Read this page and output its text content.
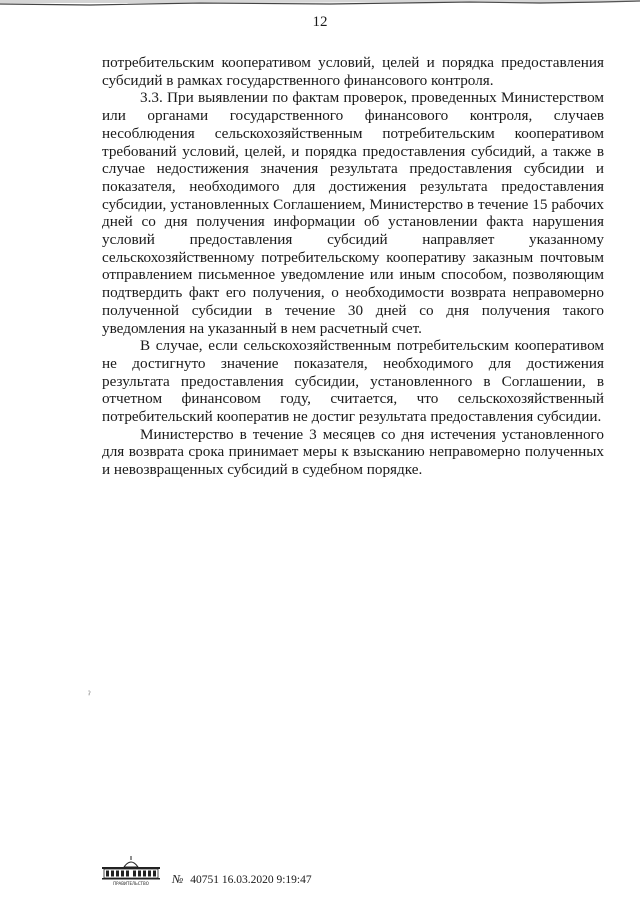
12

потребительским кооперативом условий, целей и порядка предоставления субсидий в рамках государственного финансового контроля.

3.3. При выявлении по фактам проверок, проведенных Министерством или органами государственного финансового контроля, случаев несоблюдения сельскохозяйственным потребительским кооперативом требований условий, целей, и порядка предоставления субсидий, а также в случае недостижения значения результата предоставления субсидии и показателя, необходимого для достижения результата предоставления субсидии, установленных Соглашением, Министерство в течение 15 рабочих дней со дня получения информации об установлении факта нарушения условий предоставления субсидий направляет указанному сельскохозяйственному потребительскому кооперативу заказным почтовым отправлением письменное уведомление или иным способом, позволяющим подтвердить факт его получения, о необходимости возврата неправомерно полученной субсидии в течение 30 дней со дня получения такого уведомления на указанный в нем расчетный счет.

В случае, если сельскохозяйственным потребительским кооперативом не достигнуто значение показателя, необходимого для достижения результата предоставления субсидии, установленного в Соглашении, в отчетном финансовом году, считается, что сельскохозяйственный потребительский кооператив не достиг результата предоставления субсидии.

Министерство в течение 3 месяцев со дня истечения установленного для возврата срока принимает меры к взысканию неправомерно полученных и невозвращенных субсидий в судебном порядке.

ˀ
ПРАВИТЕЛЬСТВО № 40751 16.03.2020 9:19:47
